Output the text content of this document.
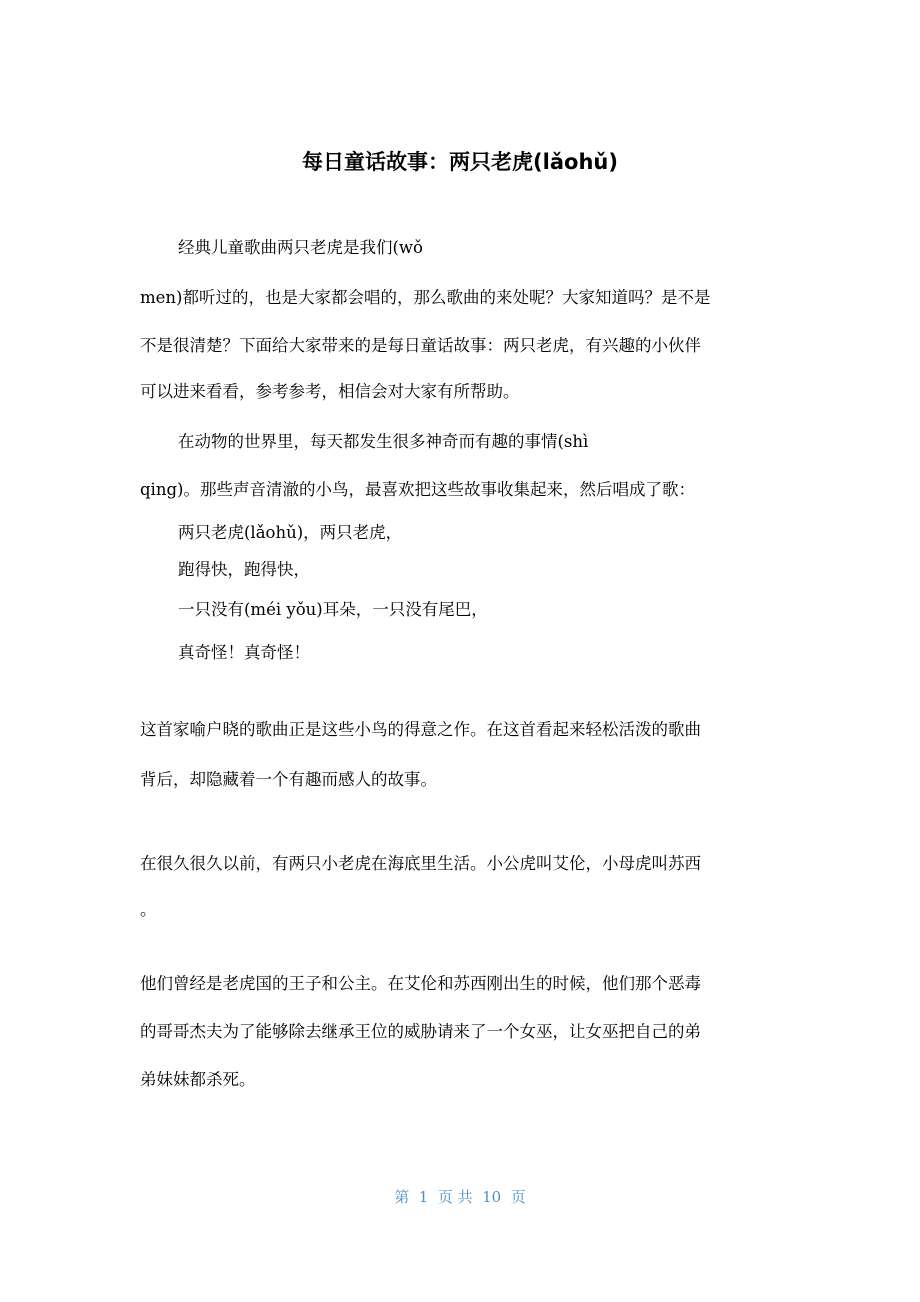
每日童话故事：两只老虎(lǎohǔ)
经典儿童歌曲两只老虎是我们(wǒ
men)都听过的，也是大家都会唱的，那么歌曲的来处呢？大家知道吗？是不是
不是很清楚？下面给大家带来的是每日童话故事：两只老虎，有兴趣的小伙伴
可以进来看看，参考参考，相信会对大家有所帮助。
在动物的世界里，每天都发生很多神奇而有趣的事情(shì
qing)。那些声音清澈的小鸟，最喜欢把这些故事收集起来，然后唱成了歌：
两只老虎(lǎohǔ)，两只老虎，
跑得快，跑得快，
一只没有(méi yǒu)耳朵，一只没有尾巴，
真奇怪！真奇怪！
这首家喻户晓的歌曲正是这些小鸟的得意之作。在这首看起来轻松活泼的歌曲
背后，却隐藏着一个有趣而感人的故事。
在很久很久以前，有两只小老虎在海底里生活。小公虎叫艾伦，小母虎叫苏西
。
他们曾经是老虎国的王子和公主。在艾伦和苏西刚出生的时候，他们那个恶毒
的哥哥杰夫为了能够除去继承王位的威胁请来了一个女巫，让女巫把自己的弟
弟妹妹都杀死。
第  1  页 共  10  页
